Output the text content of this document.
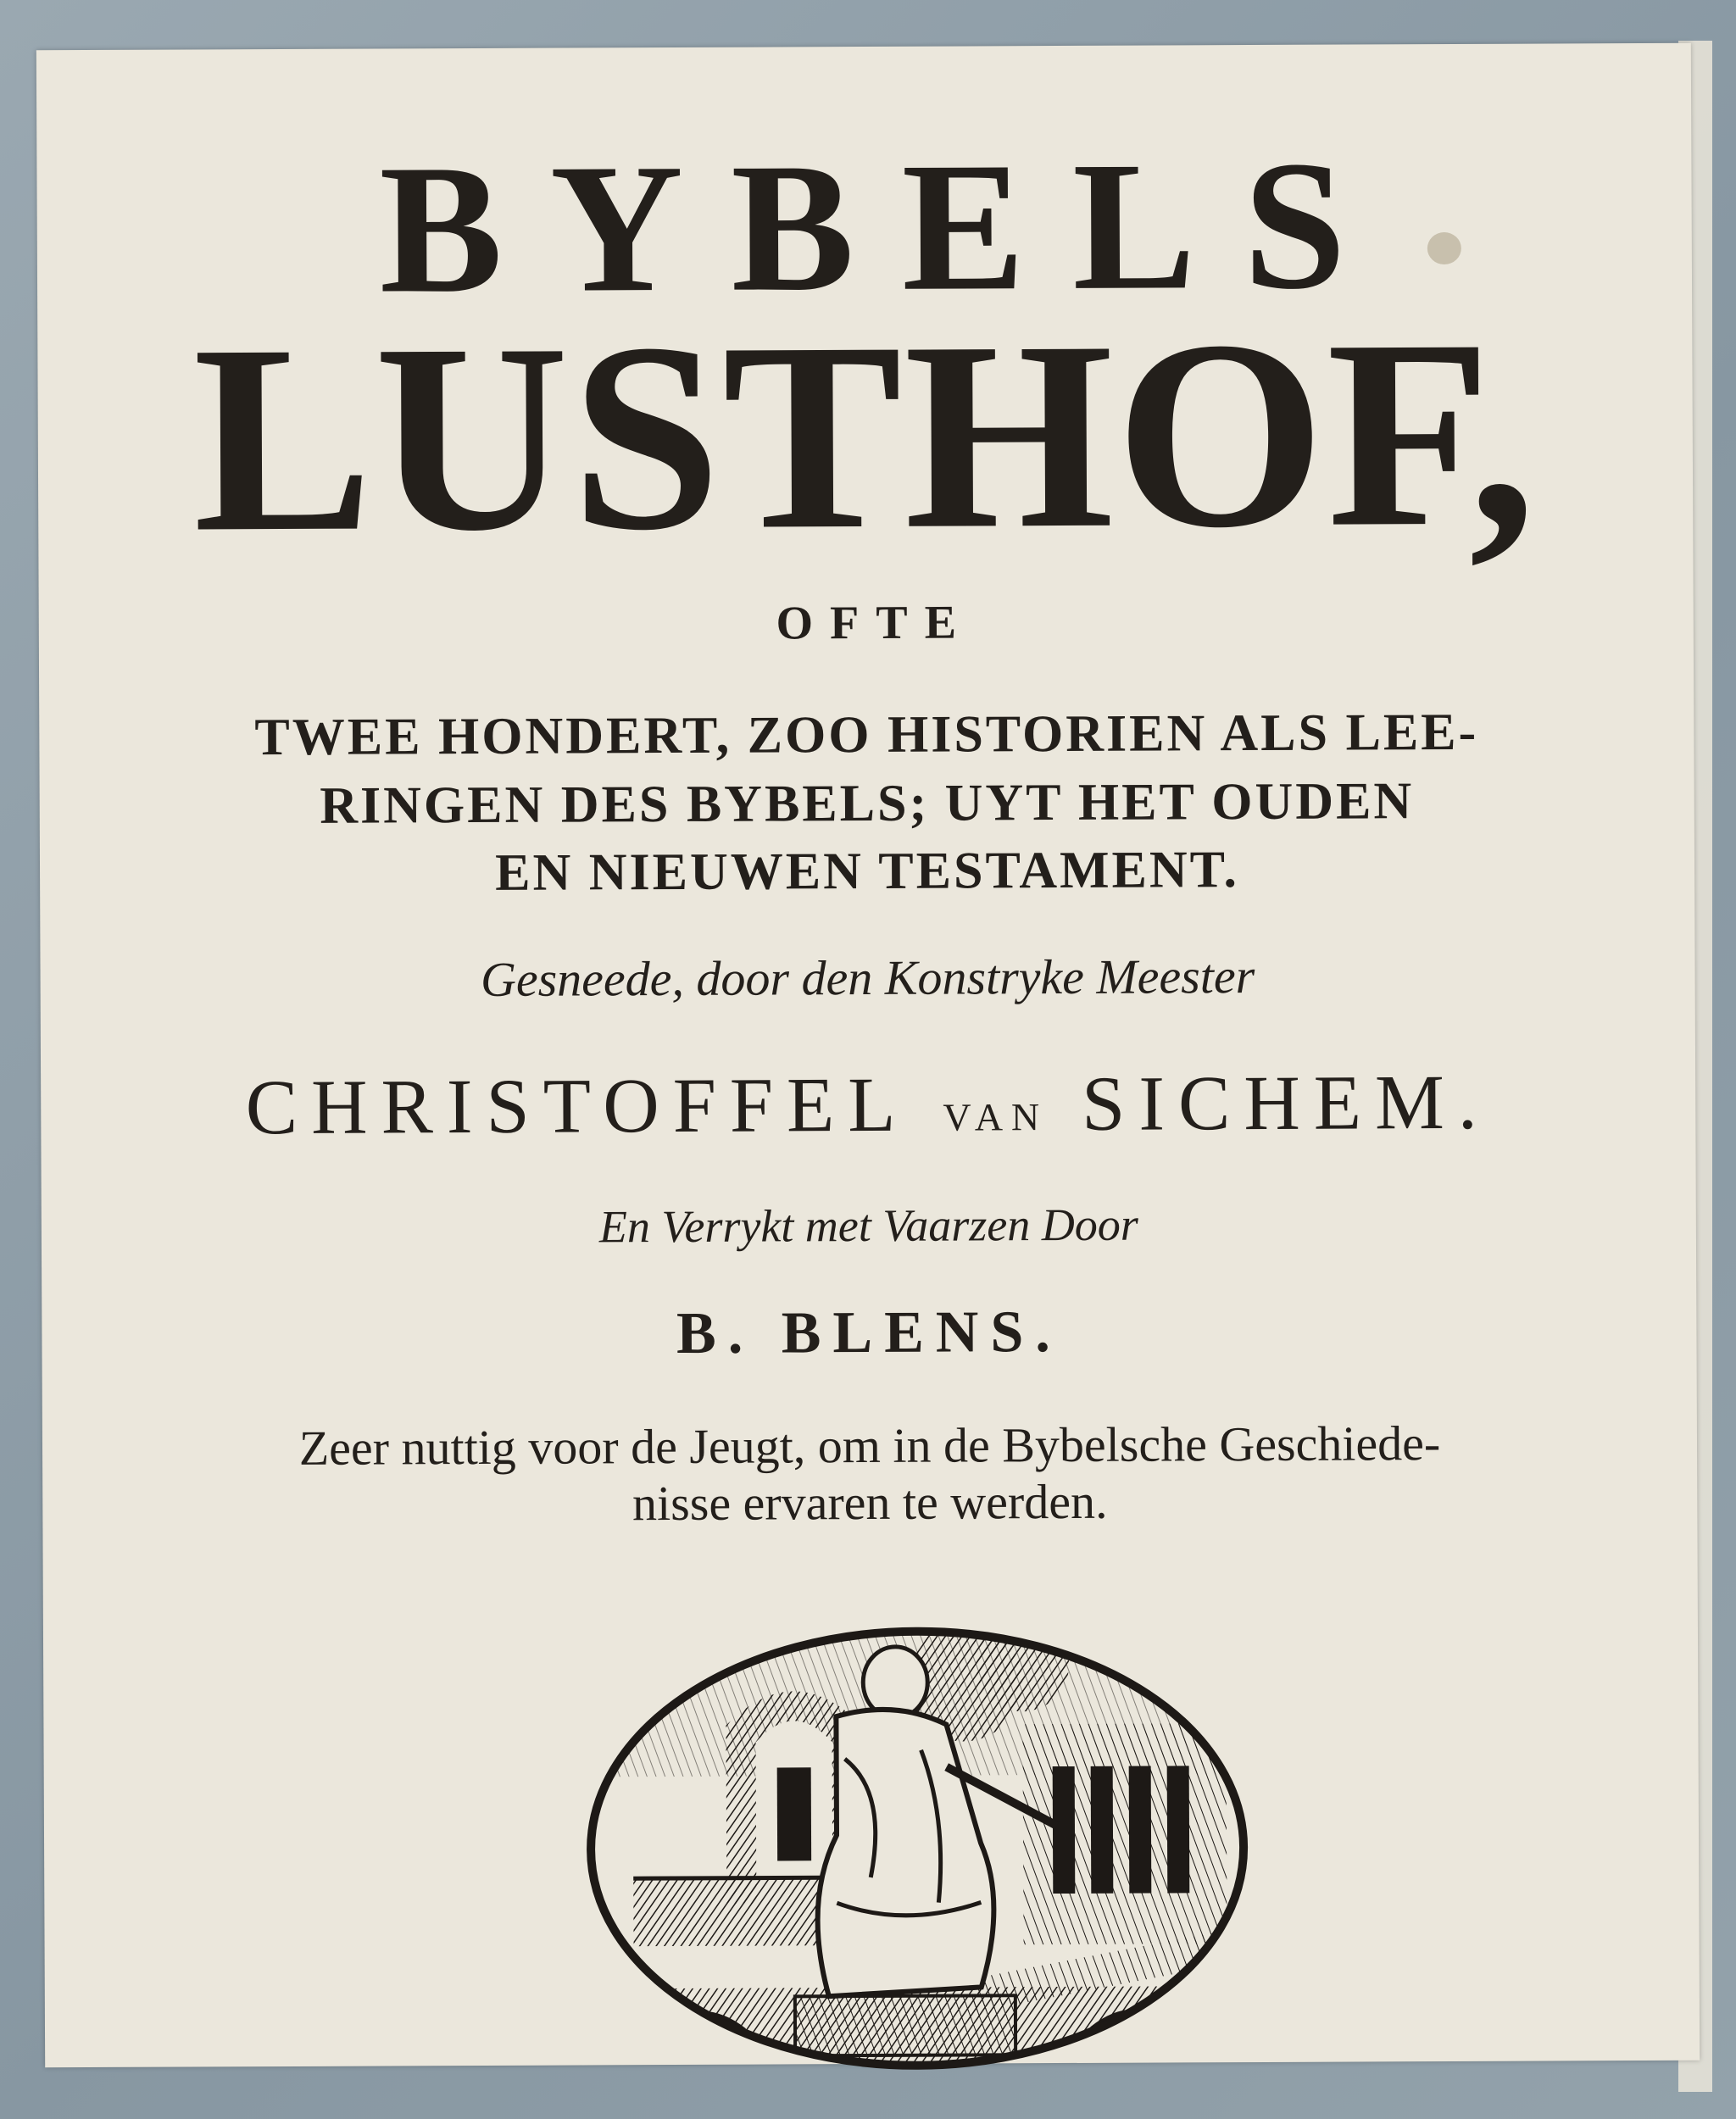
BYBELS
LUSTHOF,
OFTE
TWEE HONDERT, ZOO HISTORIEN ALS LEE-
RINGEN DES BYBELS; UYT HET OUDEN
EN NIEUWEN TESTAMENT.
Gesneede, door den Konstryke Meester
CHRISTOFFEL VAN SICHEM.
En Verrykt met Vaarzen Door
B. BLENS.
Zeer nuttig voor de Jeugt, om in de Bybelsche Geschiede-
nisse ervaren te werden.
